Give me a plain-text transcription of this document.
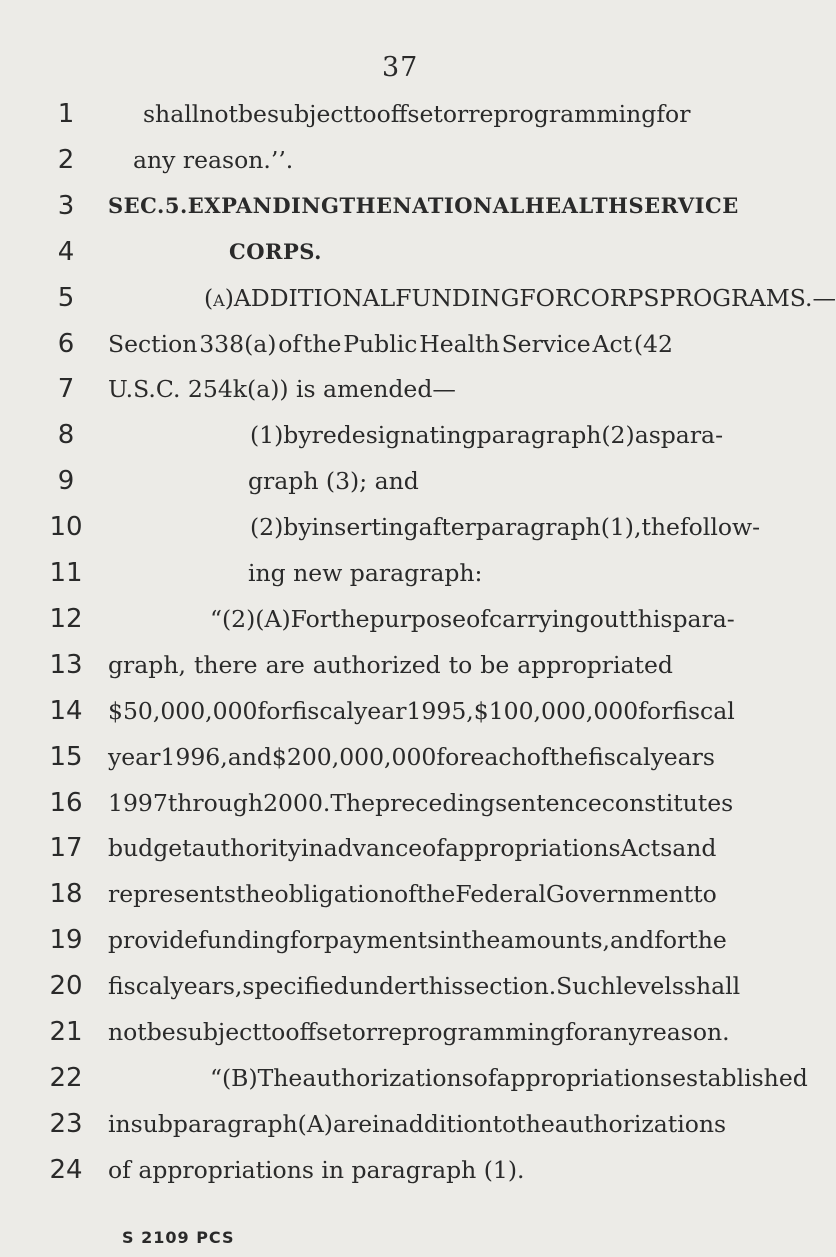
37
1
2
3
4
5
6
7
8
9
10
11
12
13
14
15
16
17
18
19
20
21
22
23
24
shall not be subject to offset or reprogramming for
any reason.’’.
SEC. 5. EXPANDING THE NATIONAL HEALTH SERVICE
CORPS.
(a) ADDITIONAL FUNDING FOR CORPS PROGRAMS.—
Section 338(a) of the Public Health Service Act (42
U.S.C. 254k(a)) is amended—
(1) by redesignating paragraph (2) as para-
graph (3); and
(2) by inserting after paragraph (1), the follow-
ing new paragraph:
“(2)(A) For the purpose of carrying out this para-
graph, there are authorized to be appropriated
$50,000,000 for fiscal year 1995, $100,000,000 for fiscal
year 1996, and $200,000,000 for each of the fiscal years
1997 through 2000. The preceding sentence constitutes
budget authority in advance of appropriations Acts and
represents the obligation of the Federal Government to
provide funding for payments in the amounts, and for the
fiscal years, specified under this section. Such levels shall
not be subject to offset or reprogramming for any reason.
“(B) The authorizations of appropriations established
in subparagraph (A) are in addition to the authorizations
of appropriations in paragraph (1).
S 2109 PCS
